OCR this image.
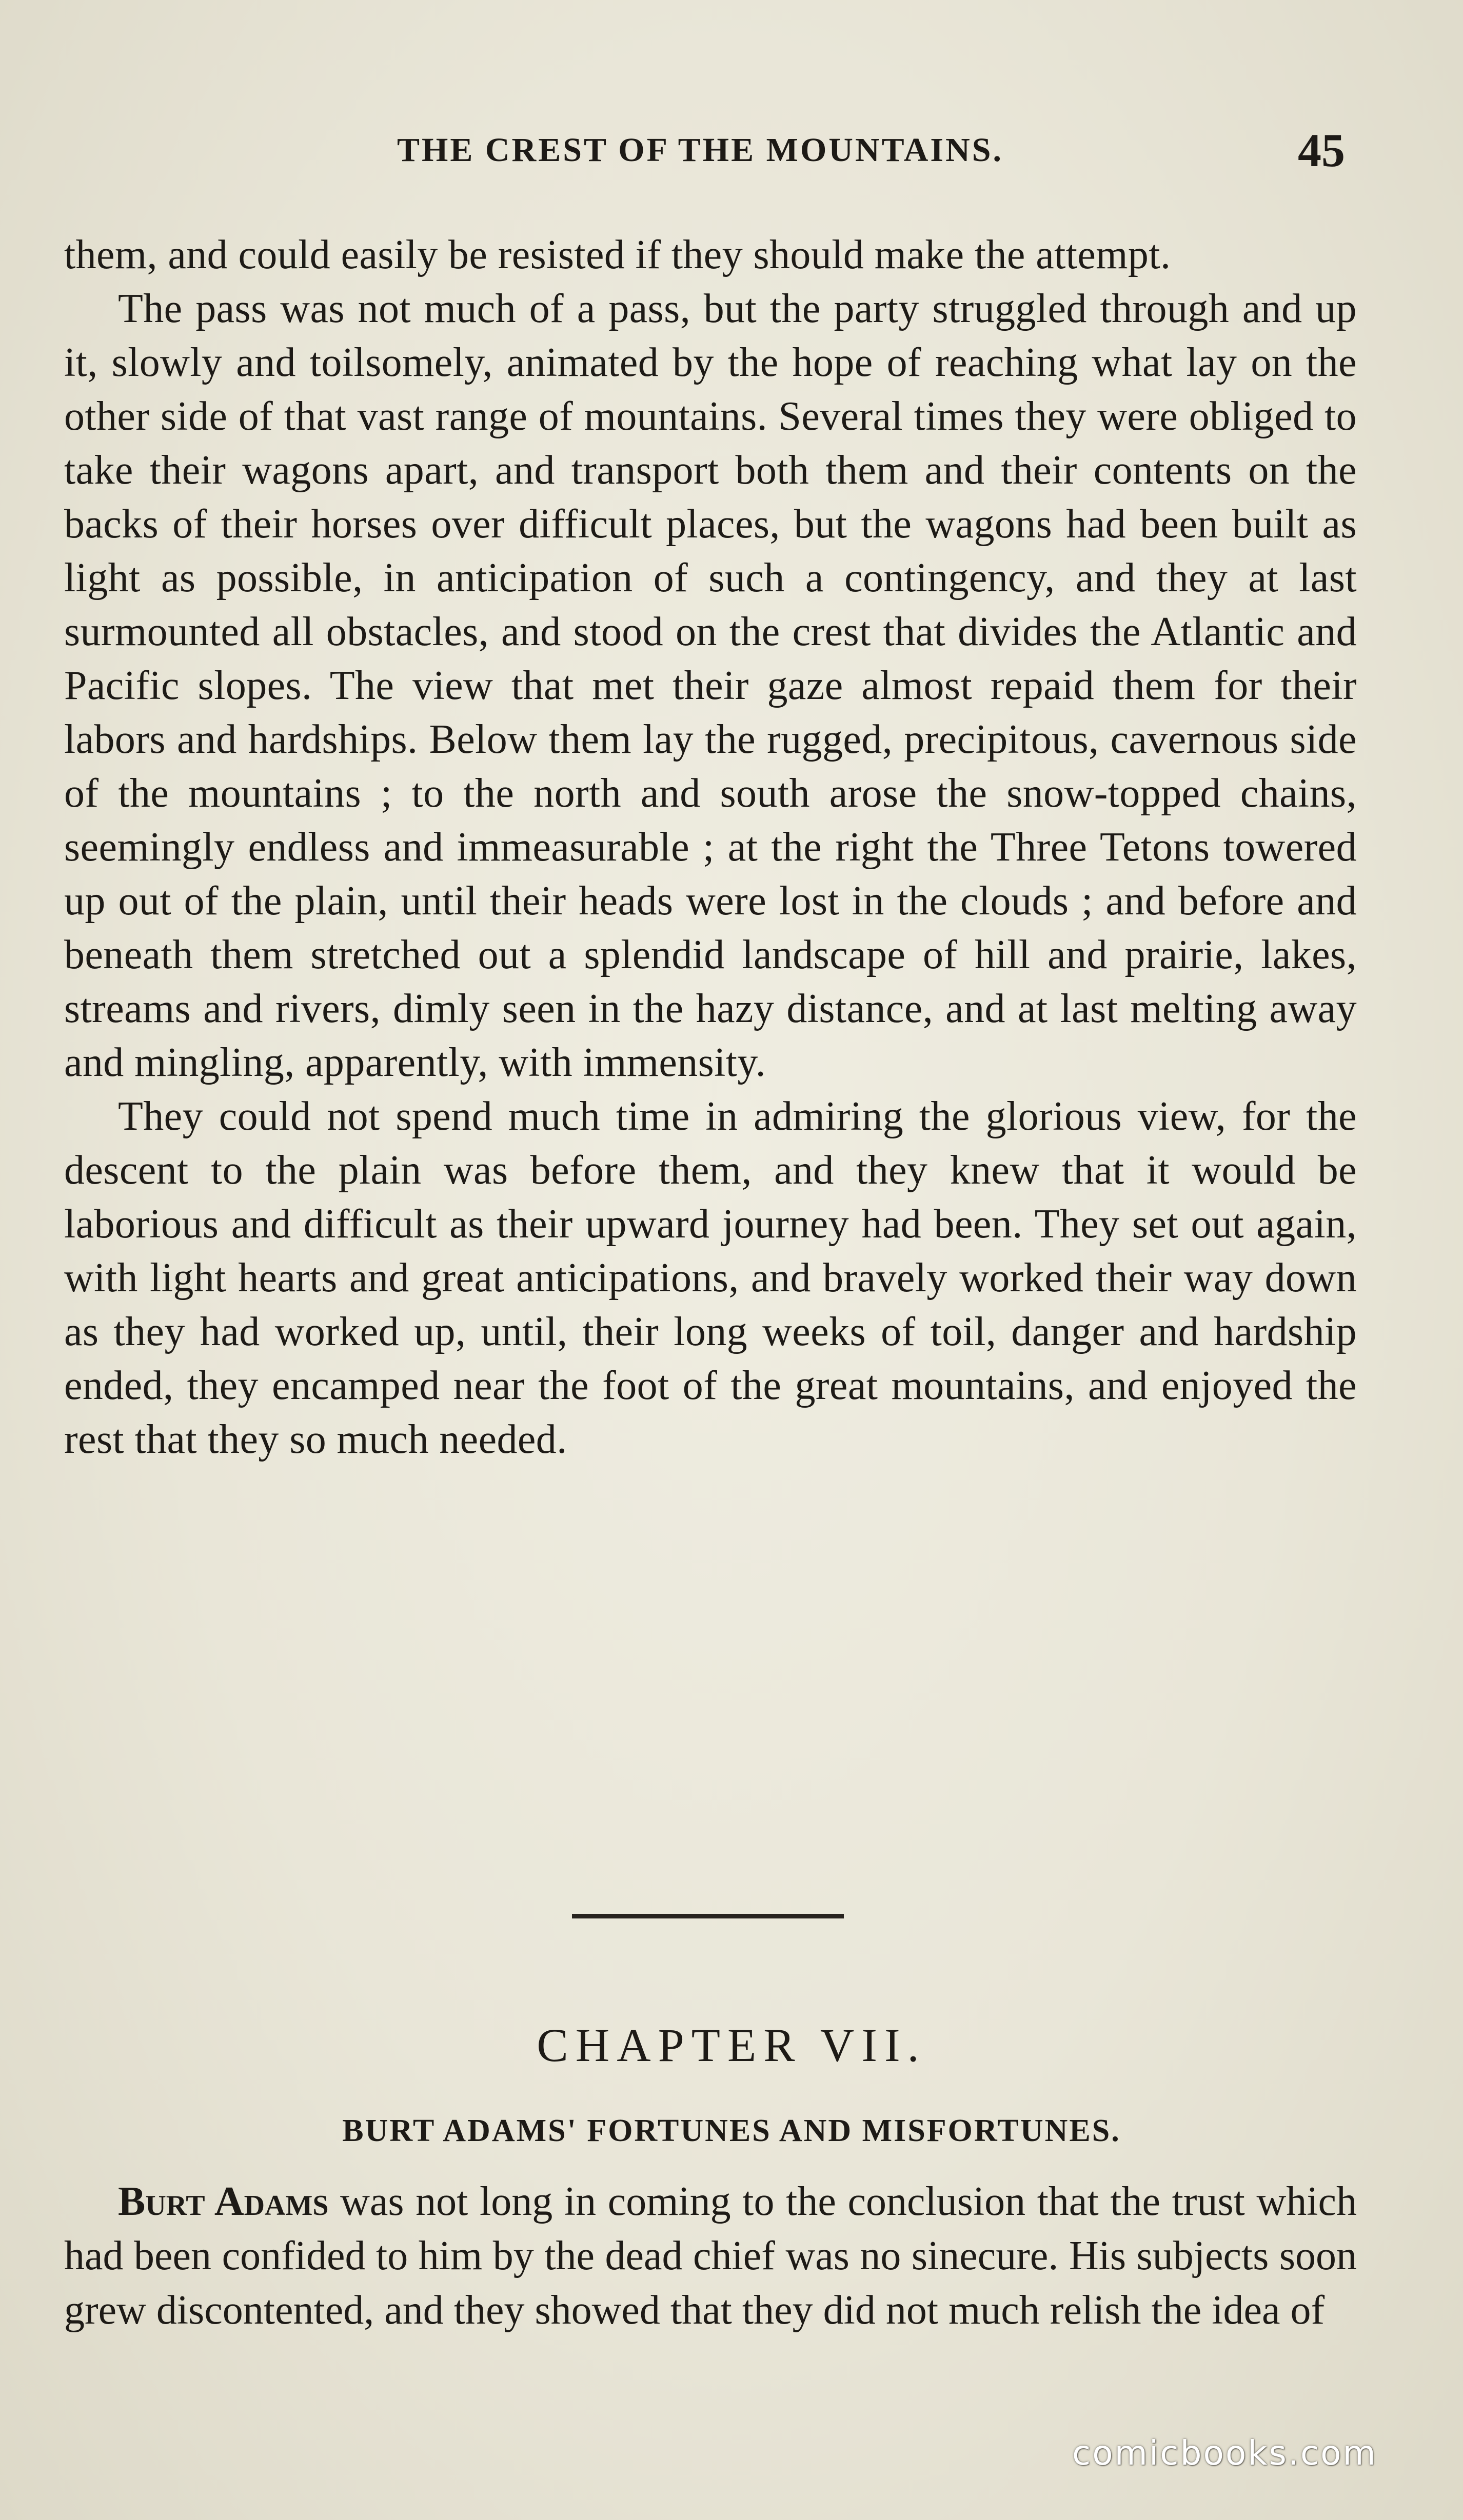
THE CREST OF THE MOUNTAINS.	45

them, and could easily be resisted if they should make the attempt.

The pass was not much of a pass, but the party struggled through and up it, slowly and toilsomely, animated by the hope of reaching what lay on the other side of that vast range of mountains. Several times they were obliged to take their wagons apart, and transport both them and their contents on the backs of their horses over difficult places, but the wagons had been built as light as possible, in anticipation of such a contingency, and they at last surmounted all obstacles, and stood on the crest that divides the Atlantic and Pacific slopes. The view that met their gaze almost repaid them for their labors and hardships. Below them lay the rugged, precipitous, cavernous side of the mountains ; to the north and south arose the snow-topped chains, seemingly endless and immeasurable ; at the right the Three Tetons towered up out of the plain, until their heads were lost in the clouds ; and before and beneath them stretched out a splendid landscape of hill and prairie, lakes, streams and rivers, dimly seen in the hazy distance, and at last melting away and mingling, apparently, with immensity.

They could not spend much time in admiring the glorious view, for the descent to the plain was before them, and they knew that it would be laborious and difficult as their upward journey had been. They set out again, with light hearts and great anticipations, and bravely worked their way down as they had worked up, until, their long weeks of toil, danger and hardship ended, they encamped near the foot of the great mountains, and enjoyed the rest that they so much needed.

CHAPTER VII.
BURT ADAMS' FORTUNES AND MISFORTUNES.

Burt Adams was not long in coming to the conclusion that the trust which had been confided to him by the dead chief was no sinecure. His subjects soon grew discontented, and they showed that they did not much relish the idea of

comicbooks.com
